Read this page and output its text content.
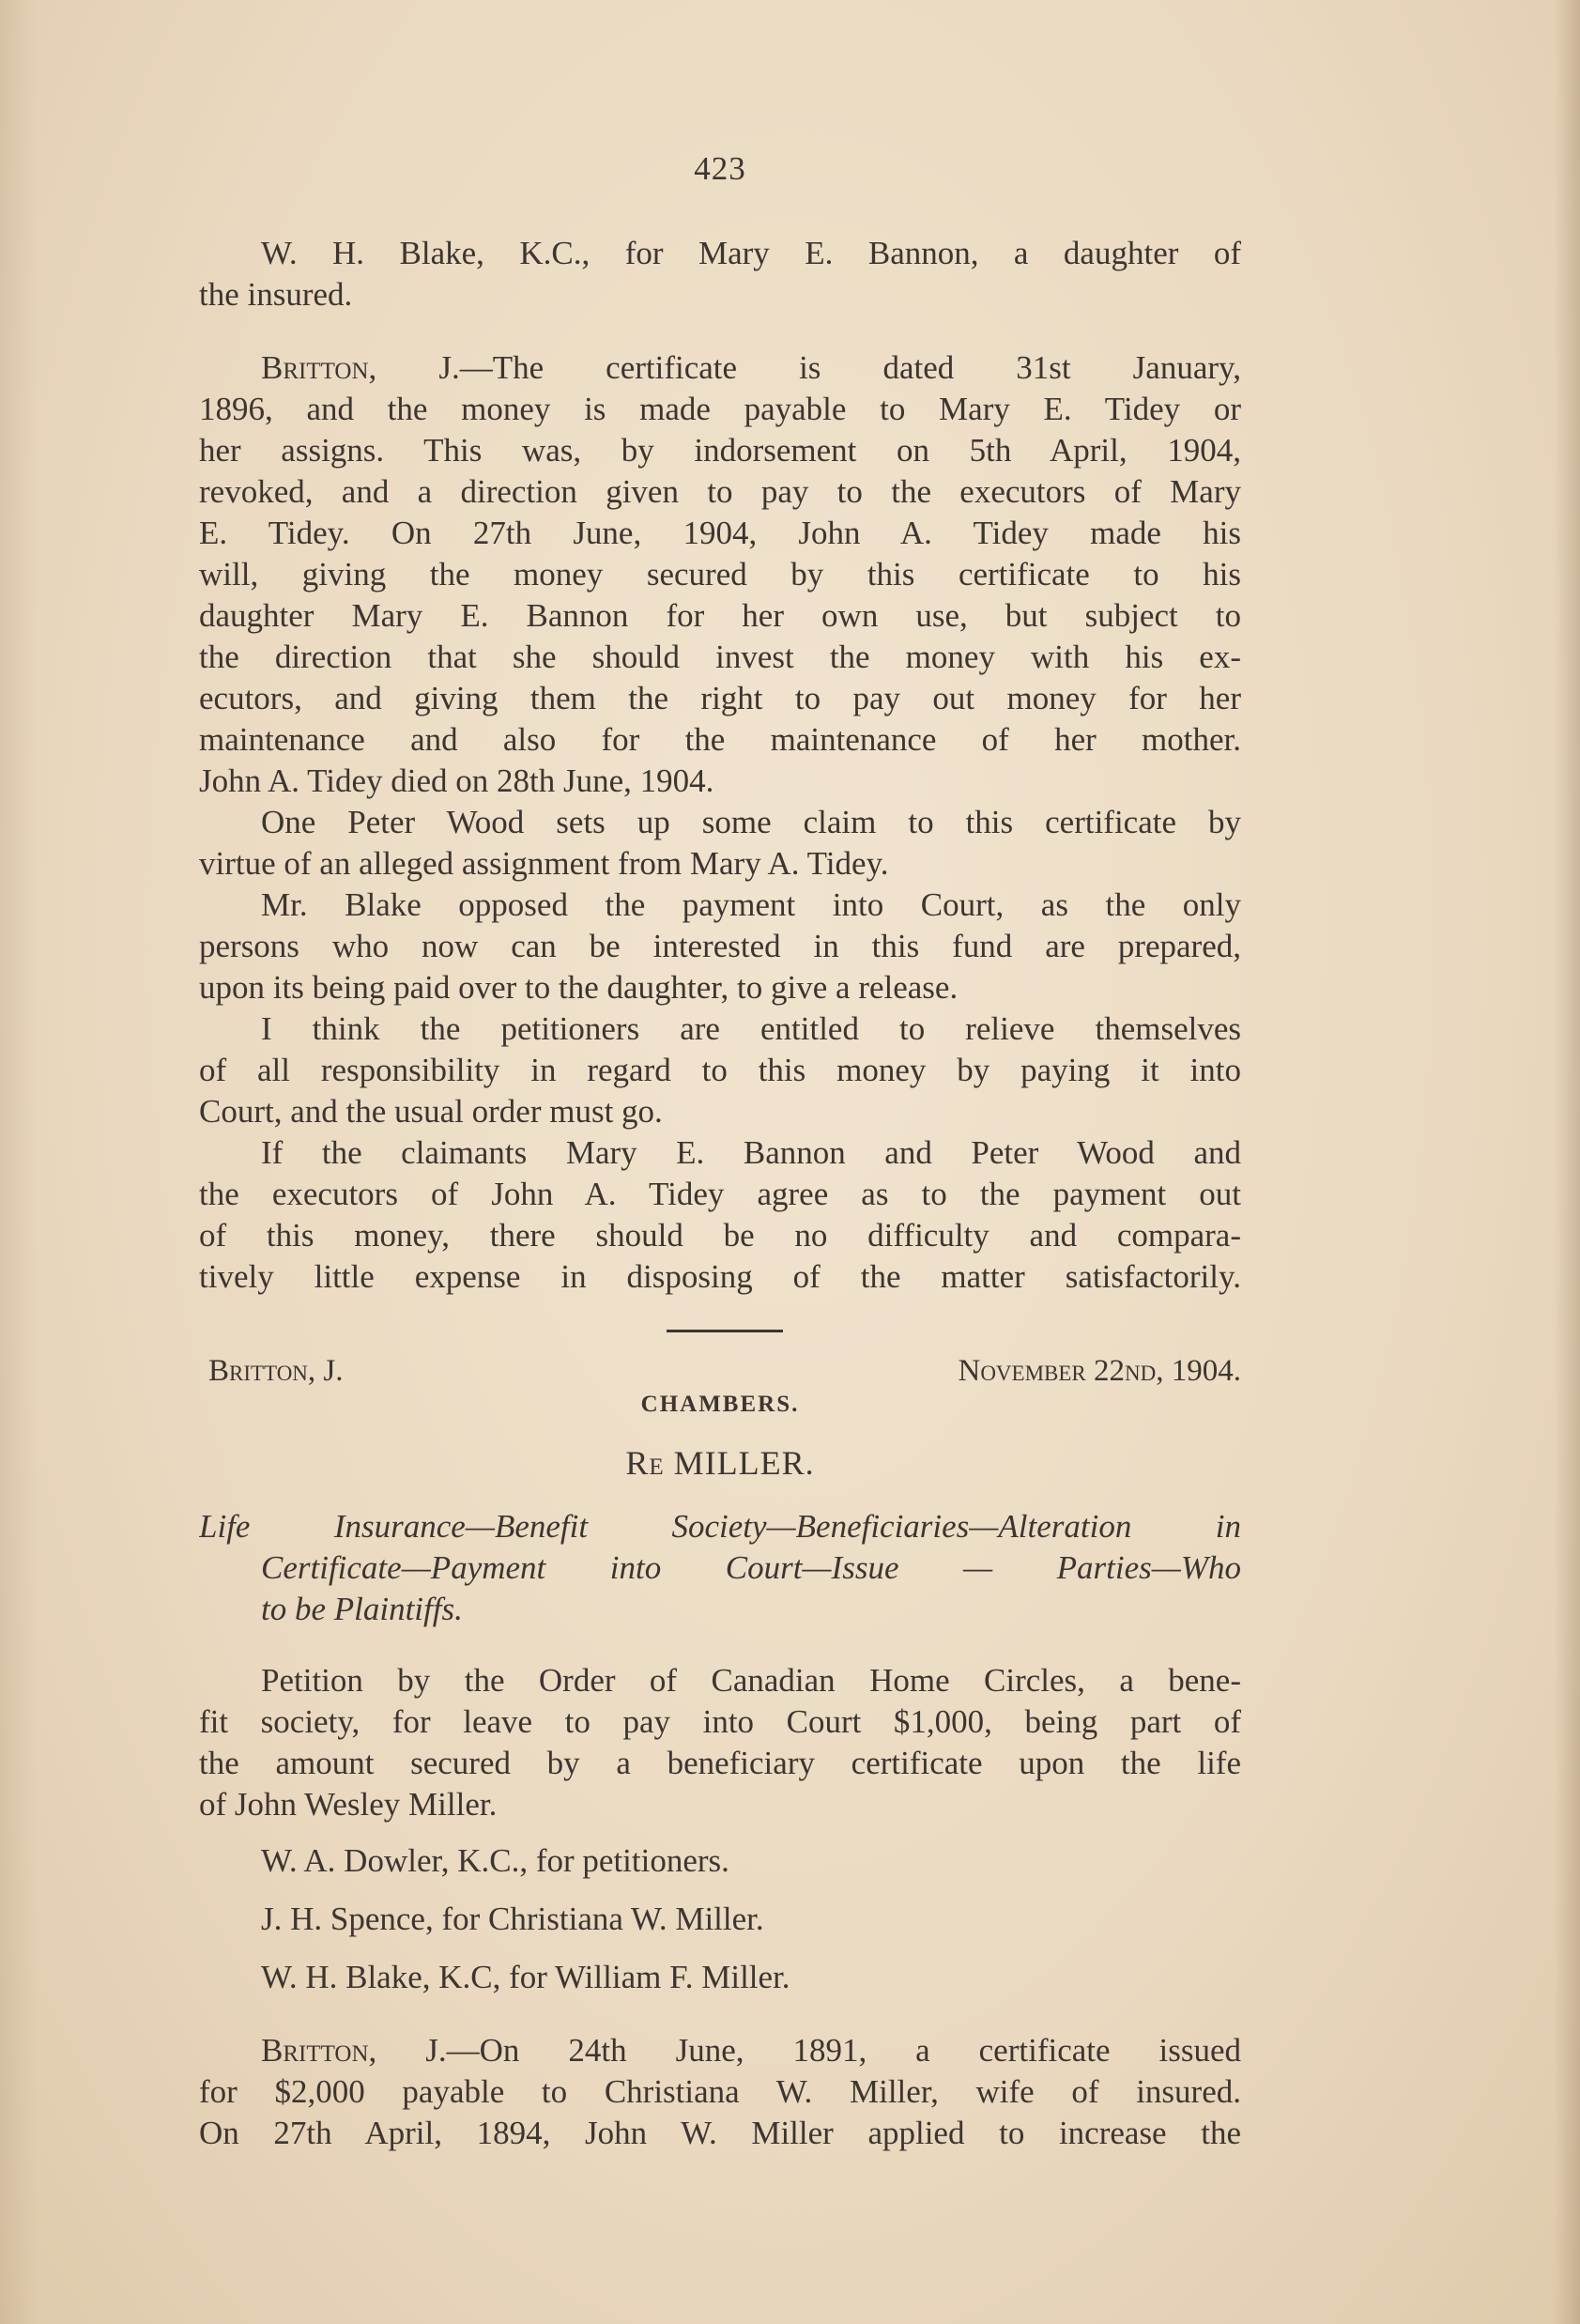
423
W. H. Blake, K.C., for Mary E. Bannon, a daughter of
the insured.
Britton, J.—The certificate is dated 31st January,
1896, and the money is made payable to Mary E. Tidey or
her assigns. This was, by indorsement on 5th April, 1904,
revoked, and a direction given to pay to the executors of Mary
E. Tidey. On 27th June, 1904, John A. Tidey made his
will, giving the money secured by this certificate to his
daughter Mary E. Bannon for her own use, but subject to
the direction that she should invest the money with his ex-
ecutors, and giving them the right to pay out money for her
maintenance and also for the maintenance of her mother.
John A. Tidey died on 28th June, 1904.
One Peter Wood sets up some claim to this certificate by
virtue of an alleged assignment from Mary A. Tidey.
Mr. Blake opposed the payment into Court, as the only
persons who now can be interested in this fund are prepared,
upon its being paid over to the daughter, to give a release.
I think the petitioners are entitled to relieve themselves
of all responsibility in regard to this money by paying it into
Court, and the usual order must go.
If the claimants Mary E. Bannon and Peter Wood and
the executors of John A. Tidey agree as to the payment out
of this money, there should be no difficulty and compara-
tively little expense in disposing of the matter satisfactorily.
Britton, J.	November 22nd, 1904.
CHAMBERS.
Re MILLER.
Life Insurance—Benefit Society—Beneficiaries—Alteration in
Certificate—Payment into Court—Issue — Parties—Who
to be Plaintiffs.
Petition by the Order of Canadian Home Circles, a bene-
fit society, for leave to pay into Court $1,000, being part of
the amount secured by a beneficiary certificate upon the life
of John Wesley Miller.
W. A. Dowler, K.C., for petitioners.
J. H. Spence, for Christiana W. Miller.
W. H. Blake, K.C, for William F. Miller.
Britton, J.—On 24th June, 1891, a certificate issued
for $2,000 payable to Christiana W. Miller, wife of insured.
On 27th April, 1894, John W. Miller applied to increase the
